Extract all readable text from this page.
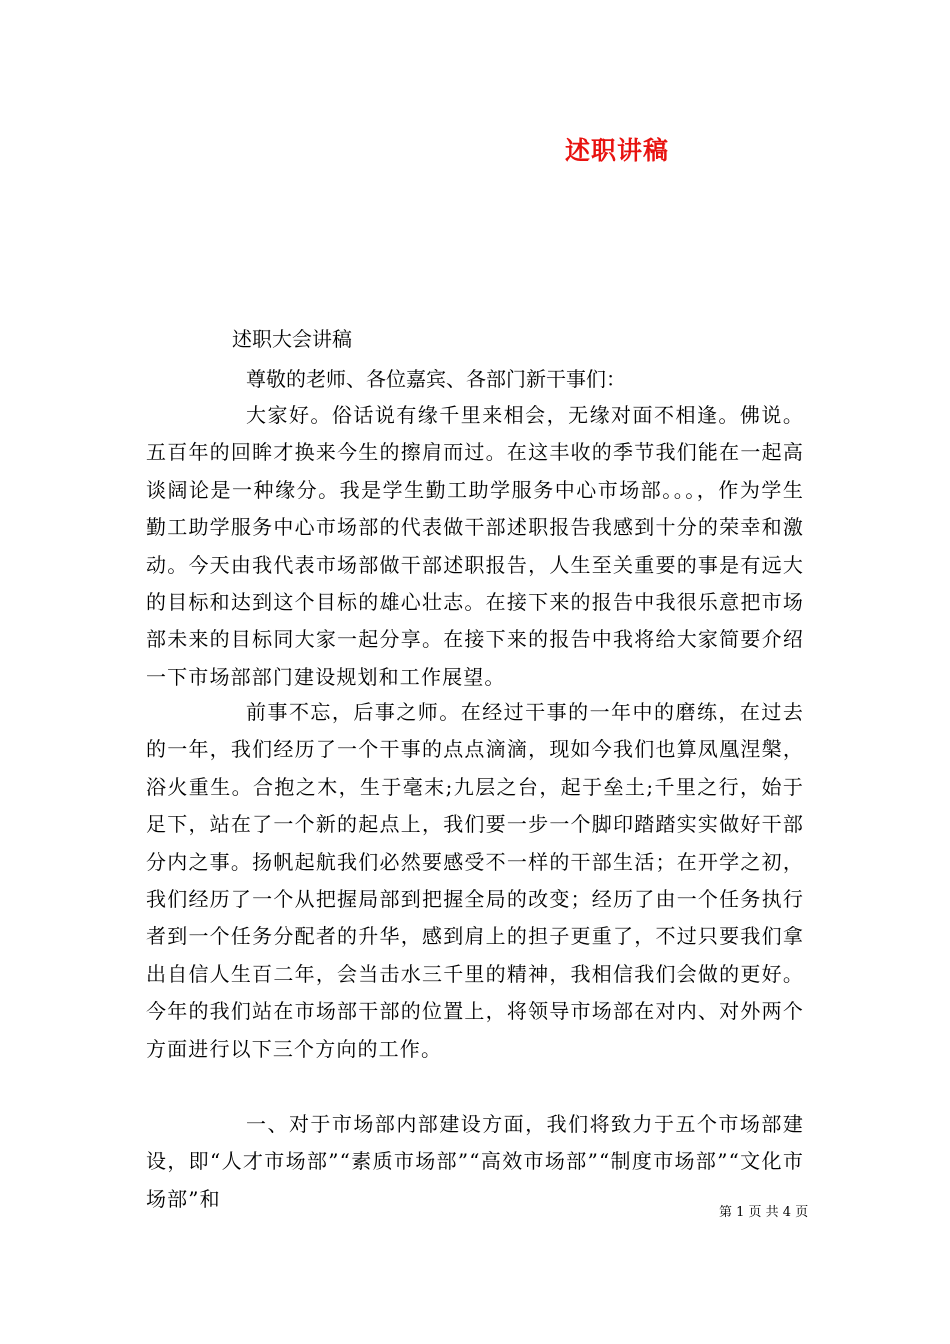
述职讲稿

述职大会讲稿

尊敬的老师、各位嘉宾、各部门新干事们：

大家好。俗话说有缘千里来相会，无缘对面不相逢。佛说。五百年的回眸才换来今生的擦肩而过。在这丰收的季节我们能在一起高谈阔论是一种缘分。我是学生勤工助学服务中心市场部。。。，作为学生勤工助学服务中心市场部的代表做干部述职报告我感到十分的荣幸和激动。今天由我代表市场部做干部述职报告，人生至关重要的事是有远大的目标和达到这个目标的雄心壮志。在接下来的报告中我很乐意把市场部未来的目标同大家一起分享。在接下来的报告中我将给大家简要介绍一下市场部部门建设规划和工作展望。

前事不忘，后事之师。在经过干事的一年中的磨练，在过去的一年，我们经历了一个干事的点点滴滴，现如今我们也算凤凰涅槃，浴火重生。合抱之木，生于毫末;九层之台，起于垒土;千里之行，始于足下，站在了一个新的起点上，我们要一步一个脚印踏踏实实做好干部分内之事。扬帆起航我们必然要感受不一样的干部生活；在开学之初，我们经历了一个从把握局部到把握全局的改变；经历了由一个任务执行者到一个任务分配者的升华，感到肩上的担子更重了，不过只要我们拿出自信人生百二年，会当击水三千里的精神，我相信我们会做的更好。今年的我们站在市场部干部的位置上，将领导市场部在对内、对外两个方面进行以下三个方向的工作。

一、对于市场部内部建设方面，我们将致力于五个市场部建设，即“人才市场部”“素质市场部”“高效市场部”“制度市场部”“文化市场部”和

第 1 页 共 4 页
